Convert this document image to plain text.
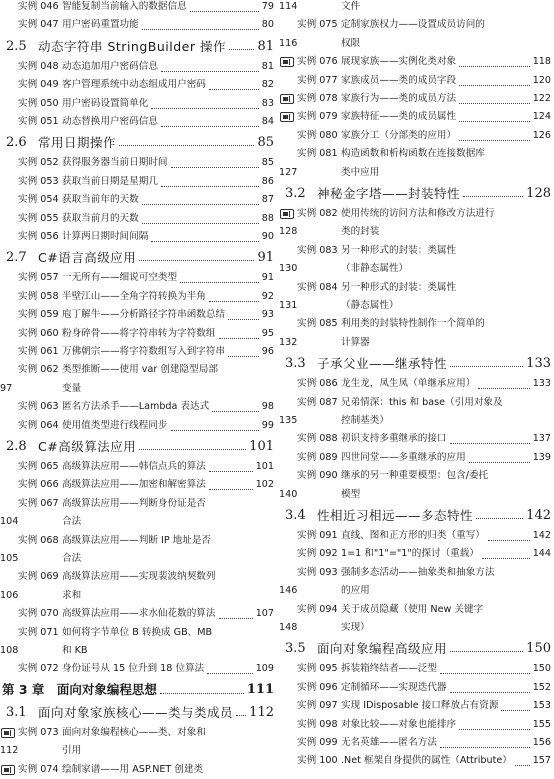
实例 046 智能复制当前输入的数据信息	79
实例 047 用户密码重置功能	80
2.5 动态字符串 StringBuilder 操作 81
实例 048 动态追加用户密码信息	81
实例 049 客户管理系统中动态组成用户密码	82
实例 050 用户密码设置简单化	83
实例 051 动态替换用户密码信息	84
2.6 常用日期操作	85
实例 052 获得服务器当前日期时间	85
实例 053 获取当前日期是星期几	86
实例 054 获取当前年的天数	87
实例 055 获取当前月的天数	88
实例 056 计算两日期时间间隔	90
2.7 C#语言高级应用	91
实例 057 一无所有——细说可空类型	91
实例 058 半壁江山——全角字符转换为半角	92
实例 059 庖丁解牛——分析路径字符串函数总结	93
实例 060 粉身碎骨——将字符串转为字符数组	95
实例 061 万佛朝宗——将字符数组写入到字符串	96
实例 062 类型推断——使用 var 创建隐型局部
变量
97
实例 063 匿名方法杀手——Lambda 表达式	98
实例 064 使用值类型进行线程同步	99
2.8 C#高级算法应用	101
实例 065 高级算法应用——韩信点兵的算法	101
实例 066 高级算法应用——加密和解密算法	102
实例 067 高级算法应用——判断身份证是否
合法
104
实例 068 高级算法应用——判断 IP 地址是否
合法
105
实例 069 高级算法应用——实现裴波纳契数列
求和
106
实例 070 高级算法应用——求水仙花数的算法	107
实例 071 如何将字节单位 B 转换成 GB、MB
和 KB
108
实例 072 身份证号从 15 位升到 18 位算法	109
第 3 章　面向对象编程思想	111
3.1 面向对象家族核心——类与类成员 112
实例 073 面向对象编程核心——类、对象和
引用
112
实例 074 绘制家谱——用 ASP.NET 创建类
文件
114
实例 075 定制家族权力——设置成员访问的
权限
116
实例 076 展现家族——实例化类对象	118
实例 077 家族成员——类的成员字段	120
实例 078 家族行为——类的成员方法	122
实例 079 家族特征——类的成员属性	124
实例 080 家族分工（分部类的应用）	126
实例 081 构造函数和析构函数在连接数据库
类中应用
127
3.2 神秘金字塔——封装特性	128
实例 082 使用传统的访问方法和修改方法进行
类的封装
128
实例 083 另一种形式的封装：类属性
（非静态属性）
130
实例 084 另一种形式的封装：类属性
（静态属性）
131
实例 085 利用类的封装特性制作一个简单的
计算器
132
3.3 子承父业——继承特性	133
实例 086 龙生龙，凤生凤（单继承应用）	133
实例 087 兄弟情深：this 和 base（引用对象及
控制基类）
135
实例 088 初识支持多重继承的接口	137
实例 089 四世同堂——多重继承的应用	139
实例 090 继承的另一种重要模型：包含/委托
模型
140
3.4 性相近习相远——多态特性	142
实例 091 直线、图和正方形的归类（重写）	142
实例 092 1=1 和"1"="1"的探讨（重载）	144
实例 093 强制多态活动——抽象类和抽象方法
的应用
146
实例 094 关于成员隐藏（使用 New 关键字
实现）
148
3.5 面向对象编程高级应用	150
实例 095 拆装箱终结者——泛型	150
实例 096 定制循环——实现迭代器	152
实例 097 实现 IDisposable 接口释放占有资源	153
实例 098 对象比较——对象也能排序	155
实例 099 无名英雄——匿名方法	156
实例 100 .Net 框架自身提供的属性（Attribute） 157
